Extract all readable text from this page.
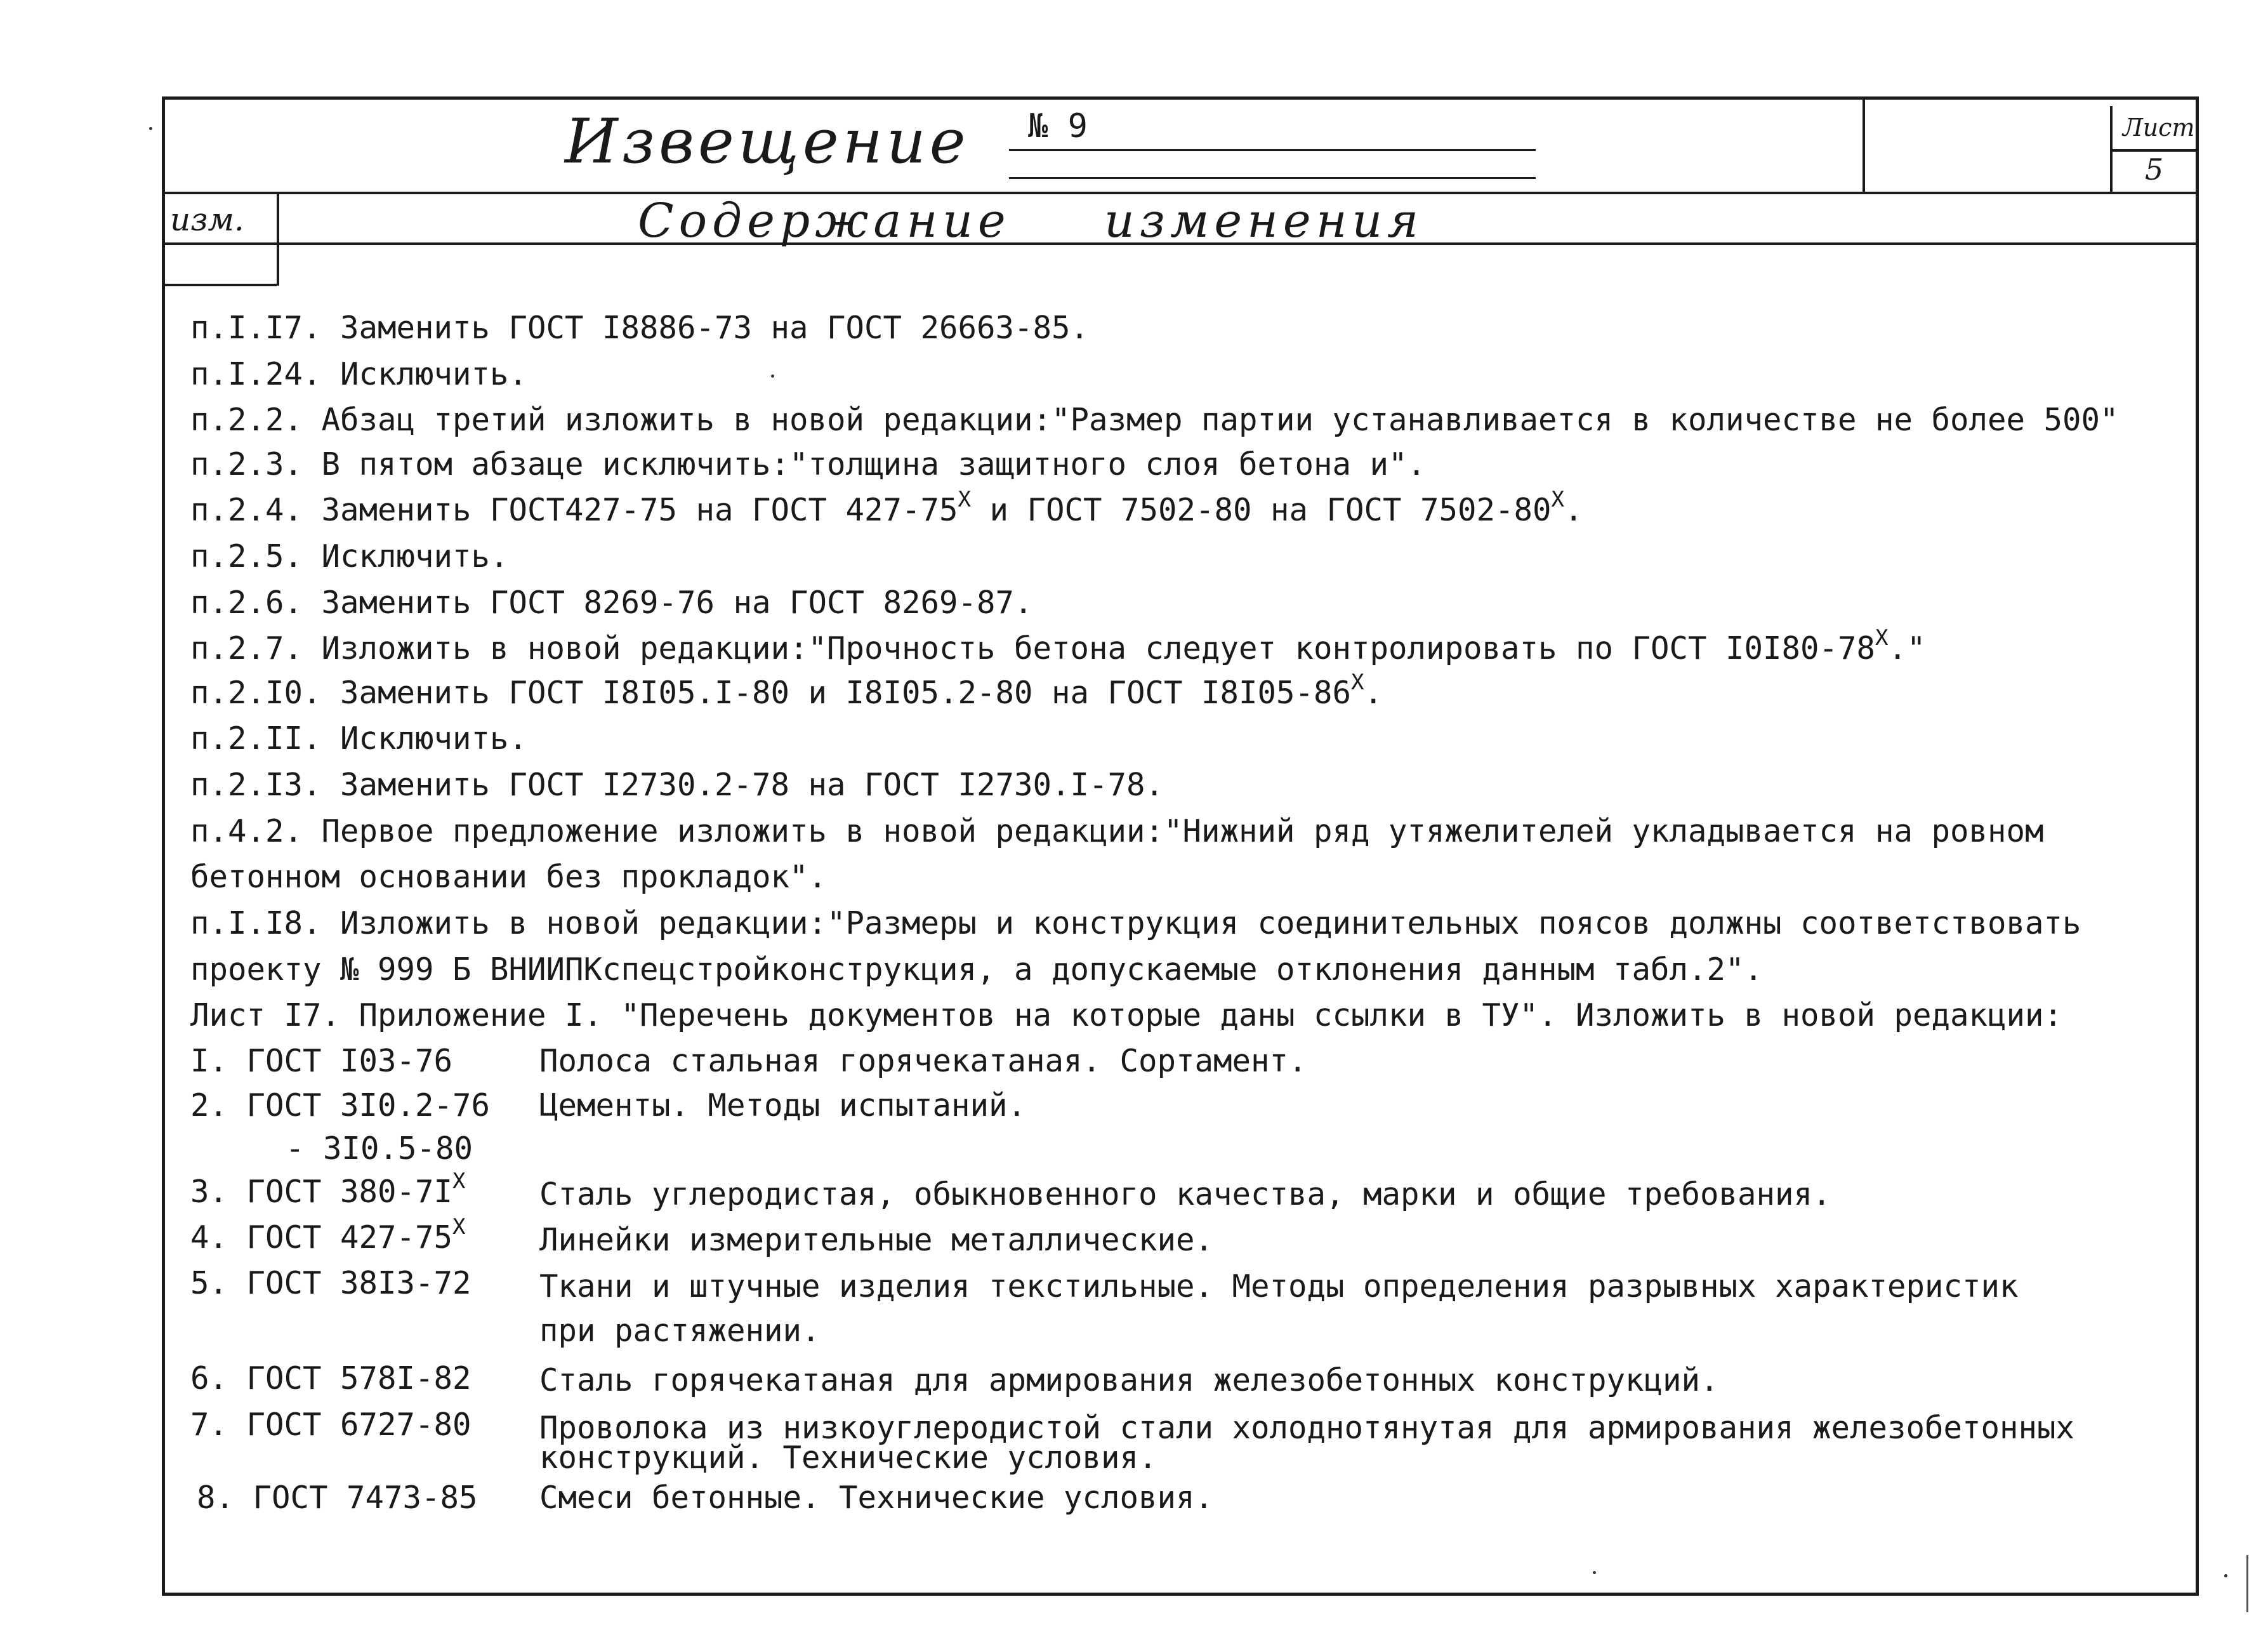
Извещение № 9	Лист
5
изм.	Содержание изменения
п.I.I7. Заменить ГОСТ I8886-73 на ГОСТ 26663-85.
п.I.24. Исключить.
п.2.2. Абзац третий изложить в новой редакции:"Размер партии устанавливается в количестве не более 500"
п.2.3. В пятом абзаце исключить:"толщина защитного слоя бетона и".
п.2.4. Заменить ГОСТ427-75 на ГОСТ $427-75^X$ и ГОСТ 7502-80 на ГОСТ $7502-80^X$.
п.2.5. Исключить.
п.2.6. Заменить ГОСТ 8269-76 на ГОСТ 8269-87.
п.2.7. Изложить в новой редакции:"Прочность бетона следует контролировать по ГОСТ $I0I80-78^X$."
п.2.I0. Заменить ГОСТ I8I05.I-80 и I8I05.2-80 на ГОСТ $I8I05-86^X$.
п.2.II. Исключить.
п.2.I3. Заменить ГОСТ I2730.2-78 на ГОСТ I2730.I-78.
п.4.2. Первое предложение изложить в новой редакции:"Нижний ряд утяжелителей укладывается на ровном
бетонном основании без прокладок".
п.I.I8. Изложить в новой редакции:"Размеры и конструкция соединительных поясов должны соответствовать
проекту № 999 Б ВНИИПКспецстройконструкция, а допускаемые отклонения данным табл.2".
Лист I7. Приложение I. "Перечень документов на которые даны ссылки в ТУ". Изложить в новой редакции:
I. ГОСТ I03-76	Полоса стальная горячекатаная. Сортамент.
2. ГОСТ 3I0.2-76 Цементы. Методы испытаний.
- 3I0.5-80
3. ГОСТ $380-7I^X$ Сталь углеродистая, обыкновенного качества, марки и общие требования.
4. ГОСТ $427-75^X$ Линейки измерительные металлические.
5. ГОСТ 38I3-72 Ткани и штучные изделия текстильные. Методы определения разрывных характеристик
при растяжении.
6. ГОСТ 578I-82 Сталь горячекатаная для армирования железобетонных конструкций.
7. ГОСТ 6727-80 Проволока из низкоуглеродистой стали холоднотянутая для армирования железобетонных
конструкций. Технические условия.
8. ГОСТ 7473-85 Смеси бетонные. Технические условия.
